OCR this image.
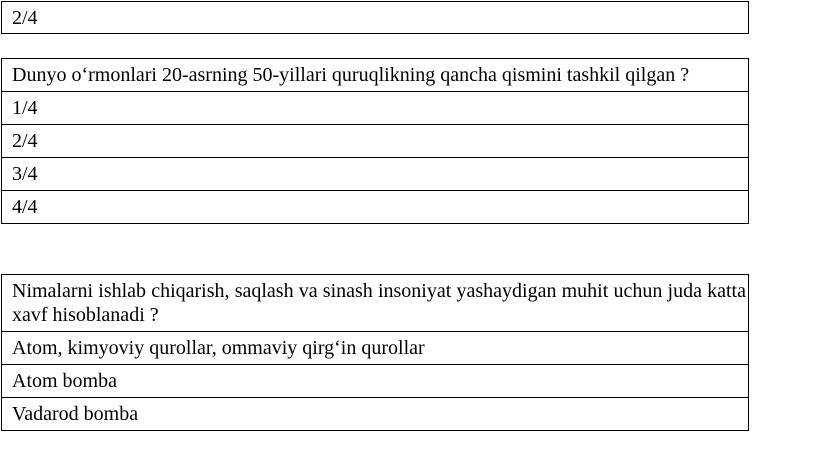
2/4
Dunyo o‘rmonlari 20-asrning 50-yillari quruqlikning qancha qismini tashkil qilgan ?
1/4
2/4
3/4
4/4
Nimalarni ishlab chiqarish, saqlash va sinash insoniyat yashaydigan muhit uchun juda katta xavf hisoblanadi ?
Atom, kimyoviy qurollar, ommaviy qirg‘in qurollar
Atom bomba
Vadarod bomba
